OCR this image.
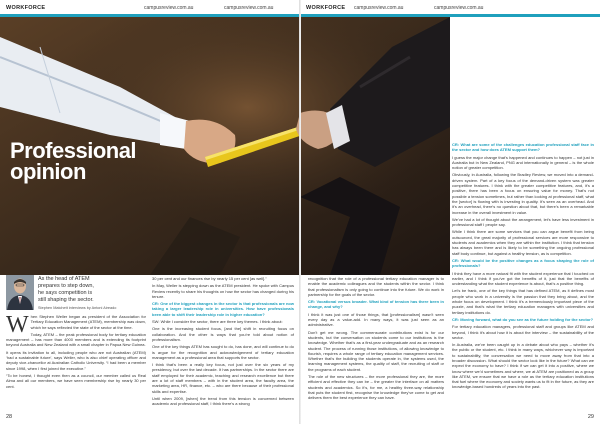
WORKFORCE	campusreview.com.au	campusreview.com.au
As the head of ATEM prepares to step down, he says competition is still shaping the sector.
Stephen Matchett interviews by Antoni Aireado

When Stephen Weller began as president of the Association for Tertiary Education Management (ATEM), membership was down, which he says reflected the state of the sector at the time.

Today, ATEM – the peak professional body for tertiary education management – has more than 4000 members and is extending its footprint beyond Australia and New Zealand with a small chapter in Papua New Guinea.

It opens its invitation to all, including people who are not Australian (ATEM) ‘had a sustainable future’, says Weller, who is also chief operating officer and deputy vice-chancellor at Australian Catholic University. “I had been a member since 1998, when I first joined the executive.”

“To be honest, I thought even then as a council, our member called us Real Alma and all our members, we have seen membership rise by nearly 30 per cent.

30 per cent and our finances rise by nearly 15 per cent [as well].”

In May, Weller is stepping down as the ATEM president. He spoke with Campus Review recently to share his thoughts on how the sector has changed during his tenure.

CR: One of the biggest changes in the sector is that professionals are now taking a larger leadership role in universities. How have professionals been able to shift their leadership role in higher education?

SW: While I consider the sector, there are three key themes. I think about:

One is the increasing student focus, [and the] shift in recruiting focus on collaboration. And the other is ways that you’re told about notion of professionalism.

One of the key things ATEM has sought to do, has done, and will continue to do is argue for the recognition and acknowledgement of tertiary education management as a professional area that supports the sector.

I think that’s been a really key focus, not just over the six years of my presidency, but over the last decade. It has partnerships. In the sector there are staff employed for their academic, teaching and research excellence but there are a lot of staff members – with in the student area, the faculty area, the marketing area, HR, finance, etc. – who are there because of their professional skills and expertise.

Until when 2009, [when] the trend from this tension is concerned between academic and professional staff, I think there’s a strong

28
WORKFORCE campusreview.com.au	campusreview.com.au

recognition that the role of a professional tertiary education manager is to enable the academic colleagues and the students within the sector. I think that professionalism is only going to continue into the future. We do work in partnership for the goals of the sector.

CR: Vocational versus broader. What kind of tension has there been in change, and why?

I think it was just one of those things, that [professionalism] wasn’t seen every day as a value-add. In many ways, it was just seen as an administrative.

Don’t get me wrong. The commensurate contributions exist is for our students, but the conversation on students come to our institutions is the knowledge. Whether that’s as a first-year undergraduate and as an research student. The process of running those institutions, of allowing knowledge to flourish, requires a whole range of tertiary education management services. Whether that’s the building the students operate in, the systems used, the learning management systems, the quality of staff, the recruiting of staff or the programs of each student.

The role of the new structures – the more professional they are, the more efficient and effective they can be – the greater the interface on all matters students and academics. So it’s, for me, a healthy three-way relationship that puts the student first, recognise the knowledge they’ve come to get and delivers them the best experience they can have.

CR: What are some of the challenges education professional staff face in the sector and how does ATEM support them?

I guess the major change that’s happened and continues to happen – not just in Australia but in New Zealand, PNG and internationally in general – is the whole notion of greater competition.

Obviously, in Australia, following the Bradley Review, we moved into a demand-driven system. Part of a key focus of the demand-driven system was greater competitive features. I think with the greater competitive features, and, it’s a positive, there has been a focus on ensuring value for money. That’s not possible a tension sometimes, but rather than looking at professional staff, what the [sector] is flowing with is investing in quality. It’s seen as an overhead. And it’s an overhead, there’s no question about that, but there’s been a remarkable increase in the overall investment in value.

We’ve had a lot of thought about the arrangement, let’s have less investment in professional staff I people say.

While I think there are some services that you can argue benefit from being outsourced, the great majority of professional services are more responsive to students and academics when they are within the institution. I think that tension has always been there and is likely to be something the ongoing professional staff body continue, but against a healthy tension, as is competition.

CR: What would be the positive changes as a focus shaping the role of professionals?

I think they have a more natural fit with the student experience that I touched on earlier, and I think if you’ve got the benefits of it, just that the benefits of understanding what the student experience is about, that’s a positive thing.

Let’s be frank, one of the key things that has defined ATEM, as it defines most people who work in a university is the passion that they bring about, and the whole focus on development. I think it’s a tremendously important piece of the puzzle, and that’s what the tertiary education managers with universities and tertiary institutions do.

CR: Moving forward, what do you see as the future holding for the sector?

For tertiary education managers, professional staff and groups like ATEM and beyond, I think it’s about how it is about the interview – the sustainability of the sector.

In Australia, we’ve been caught up in a debate about who pays – whether it’s the public or the student, etc. I think in many ways, whichever way is important to sustainability, the conversation we need to move away from that into a broader discussion. What should the sector look like in the future? What can we expect the economy to have? I think if we can get it into a positive, where we know where we’d sometimes and where, we at ATEM are positioned as a group like ATEM, we ensure that we have a role as the tertiary education institutions that fuel where the economy and society wants us to fit in the future, as they are knowledge-based hundreds of years into the past.

29
Professional
opinion
